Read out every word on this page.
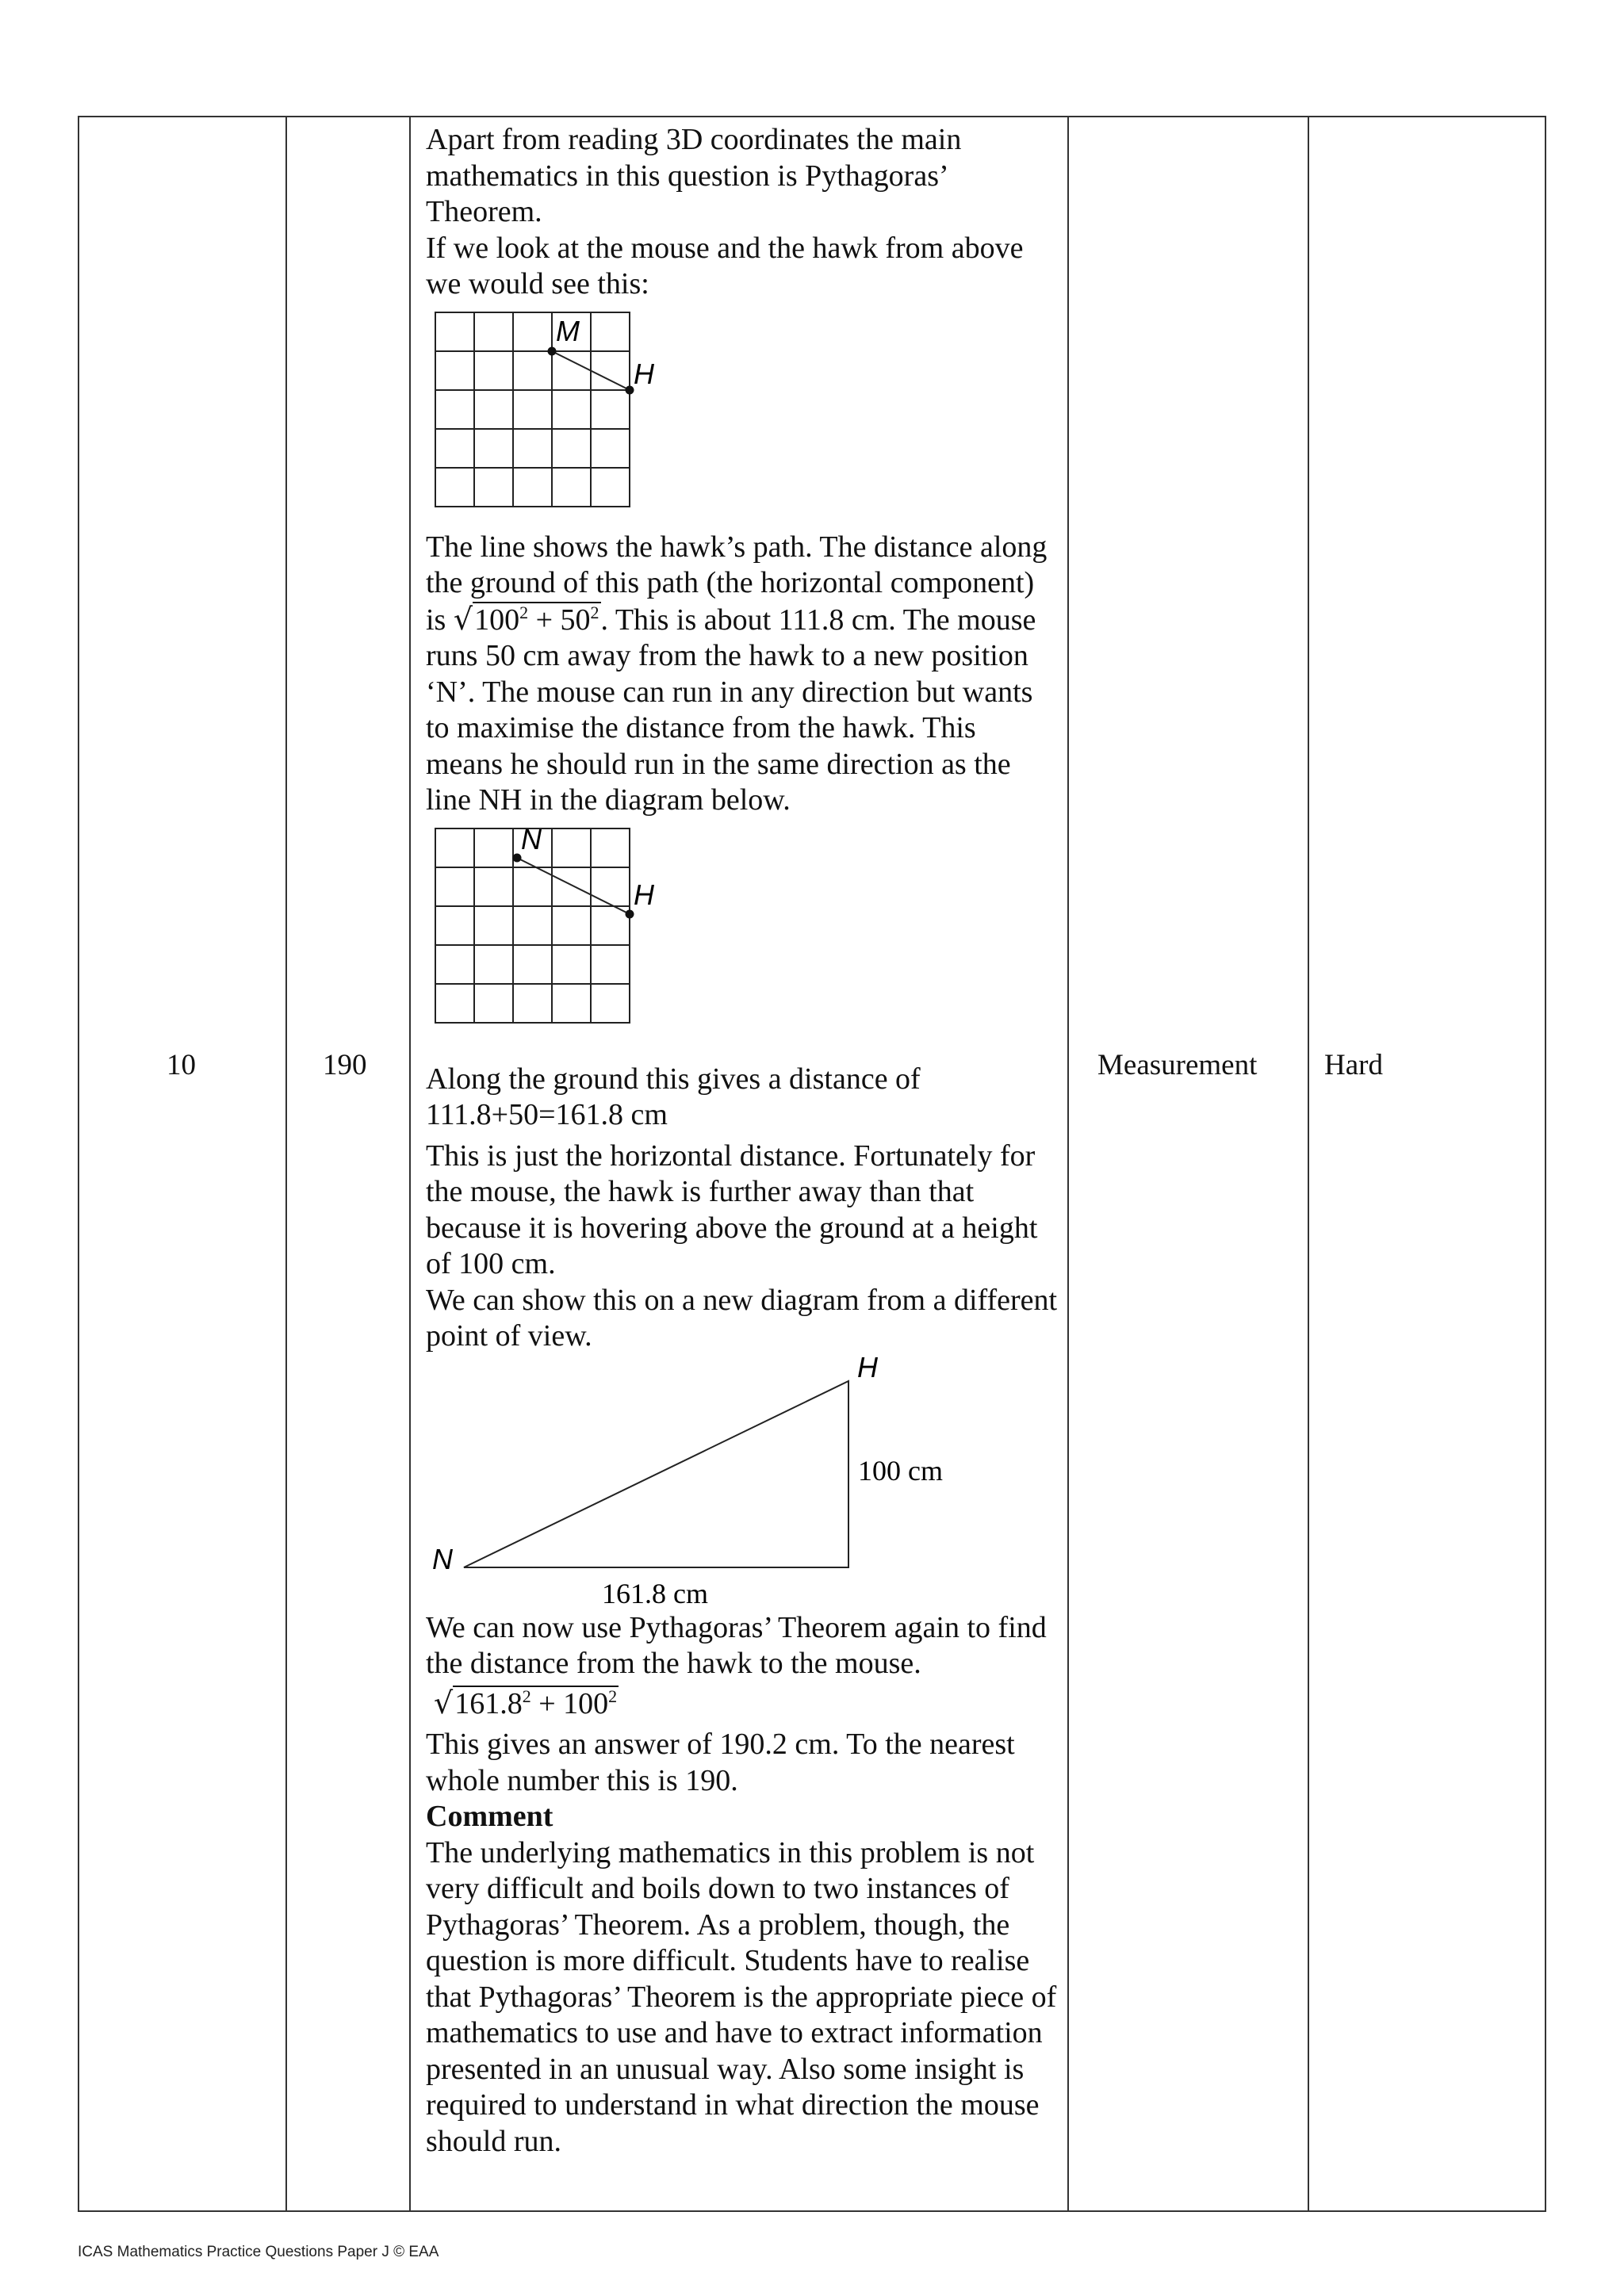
10	190	Measurement Hard

Apart from reading 3D coordinates the main mathematics in this question is Pythagoras’ Theorem.

If we look at the mouse and the hawk from above we would see this:

M
H

The line shows the hawk’s path. The distance along the ground of this path (the horizontal component) is $√100^2 + 50^2$. This is about 111.8 cm. The mouse runs 50 cm away from the hawk to a new position ‘N’. The mouse can run in any direction but wants to maximise the distance from the hawk. This means he should run in the same direction as the line NH in the diagram below.

N
H

Along the ground this gives a distance of 111.8+50=161.8 cm

This is just the horizontal distance. Fortunately for the mouse, the hawk is further away than that because it is hovering above the ground at a height of 100 cm.

We can show this on a new diagram from a different point of view.

H
N
100 cm
161.8 cm

We can now use Pythagoras’ Theorem again to find the distance from the hawk to the mouse.

$√161.8^2 + 100^2$

This gives an answer of 190.2 cm. To the nearest whole number this is 190.

Comment

The underlying mathematics in this problem is not very difficult and boils down to two instances of Pythagoras’ Theorem. As a problem, though, the question is more difficult. Students have to realise that Pythagoras’ Theorem is the appropriate piece of mathematics to use and have to extract information presented in an unusual way. Also some insight is required to understand in what direction the mouse should run.

ICAS Mathematics Practice Questions Paper J © EAA
